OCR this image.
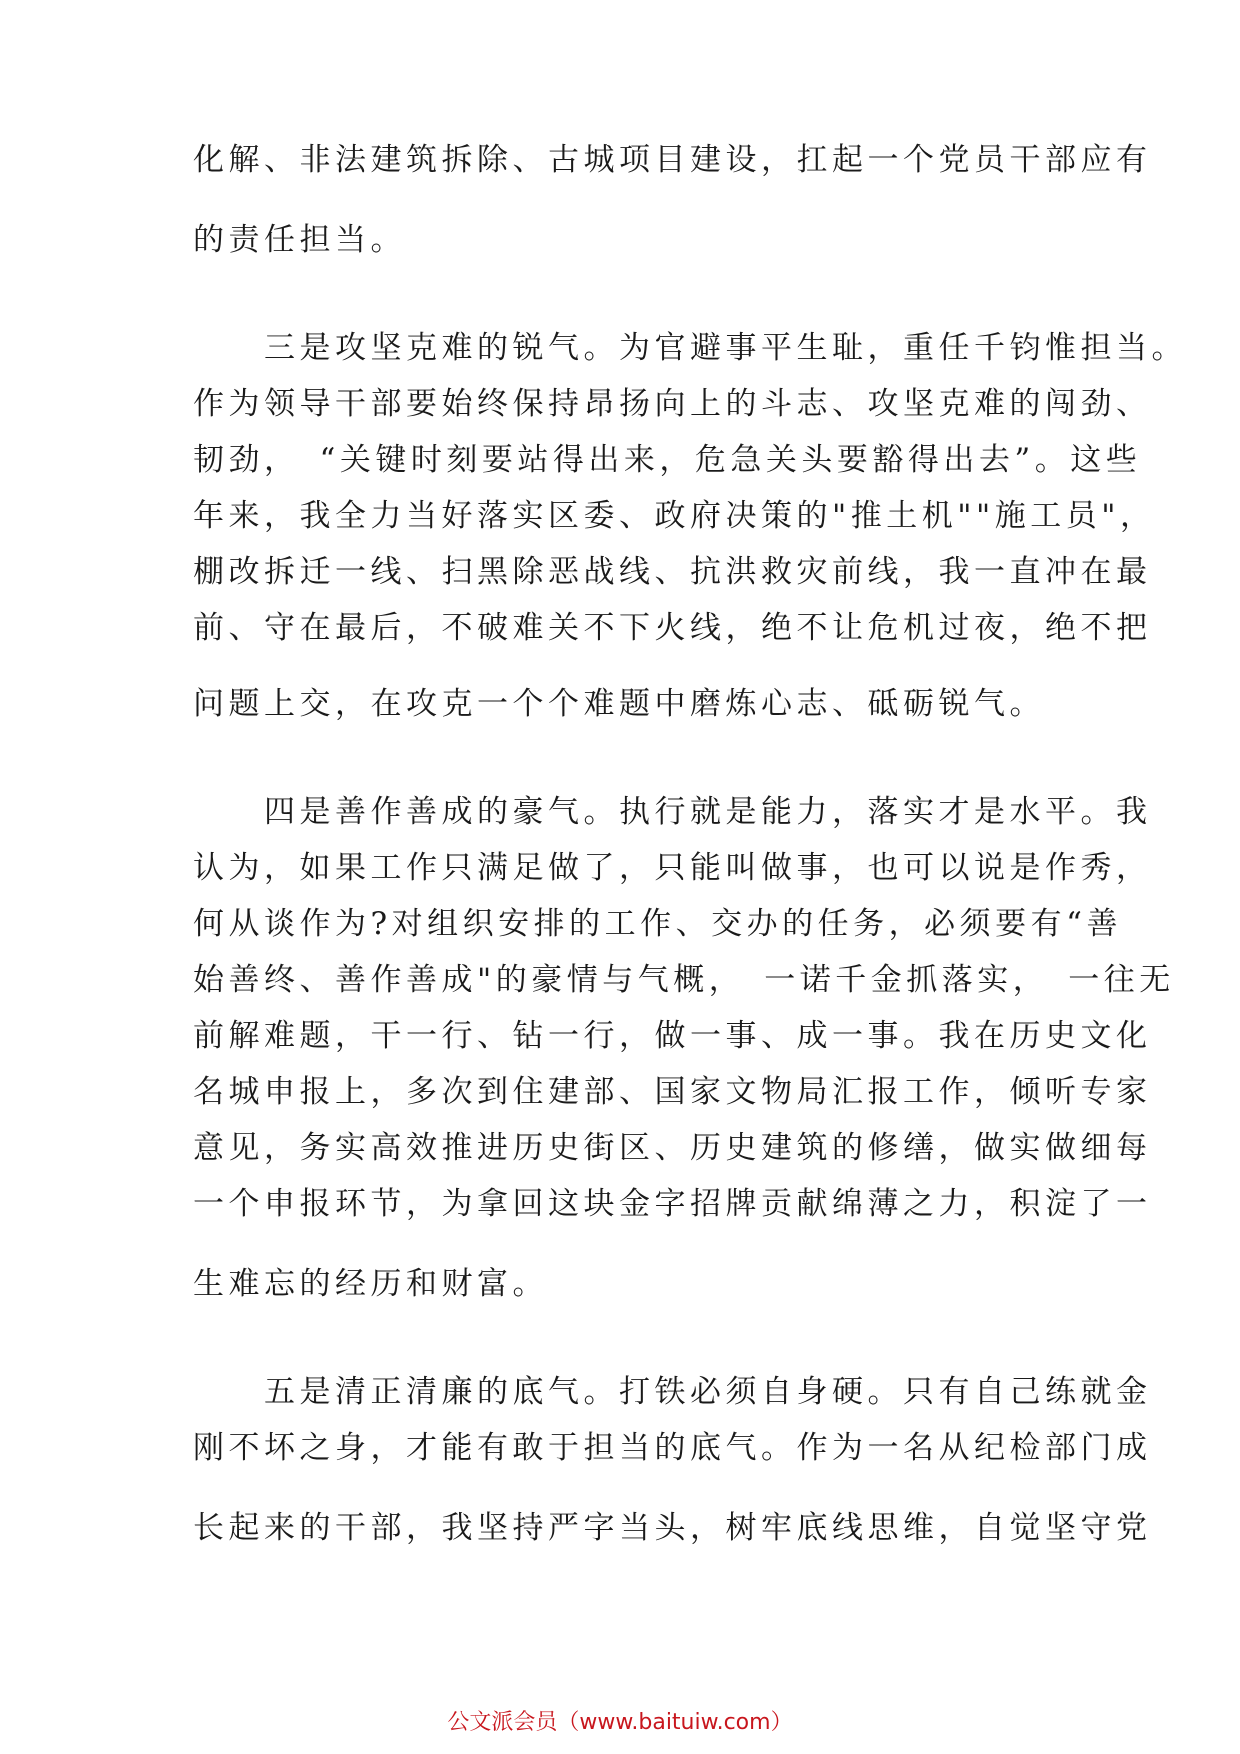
化解、非法建筑拆除、古城项目建设，扛起一个党员干部应有

的责任担当。

　　三是攻坚克难的锐气。为官避事平生耻，重任千钧惟担当。

作为领导干部要始终保持昂扬向上的斗志、攻坚克难的闯劲、

韧劲，　“关键时刻要站得出来，危急关头要豁得出去”。这些

年来，我全力当好落实区委、政府决策的"推土机""施工员"，

棚改拆迁一线、扫黑除恶战线、抗洪救灾前线，我一直冲在最

前、守在最后，不破难关不下火线，绝不让危机过夜，绝不把

问题上交，在攻克一个个难题中磨炼心志、砥砺锐气。

　　四是善作善成的豪气。执行就是能力，落实才是水平。我

认为，如果工作只满足做了，只能叫做事，也可以说是作秀，

何从谈作为?对组织安排的工作、交办的任务，必须要有“善

始善终、善作善成"的豪情与气概，　一诺千金抓落实，　一往无

前解难题，干一行、钻一行，做一事、成一事。我在历史文化

名城申报上，多次到住建部、国家文物局汇报工作，倾听专家

意见，务实高效推进历史街区、历史建筑的修缮，做实做细每

一个申报环节，为拿回这块金字招牌贡献绵薄之力，积淀了一

生难忘的经历和财富。

　　五是清正清廉的底气。打铁必须自身硬。只有自己练就金

刚不坏之身，才能有敢于担当的底气。作为一名从纪检部门成

长起来的干部，我坚持严字当头，树牢底线思维，自觉坚守党

公文派会员（www.baituiw.com）
